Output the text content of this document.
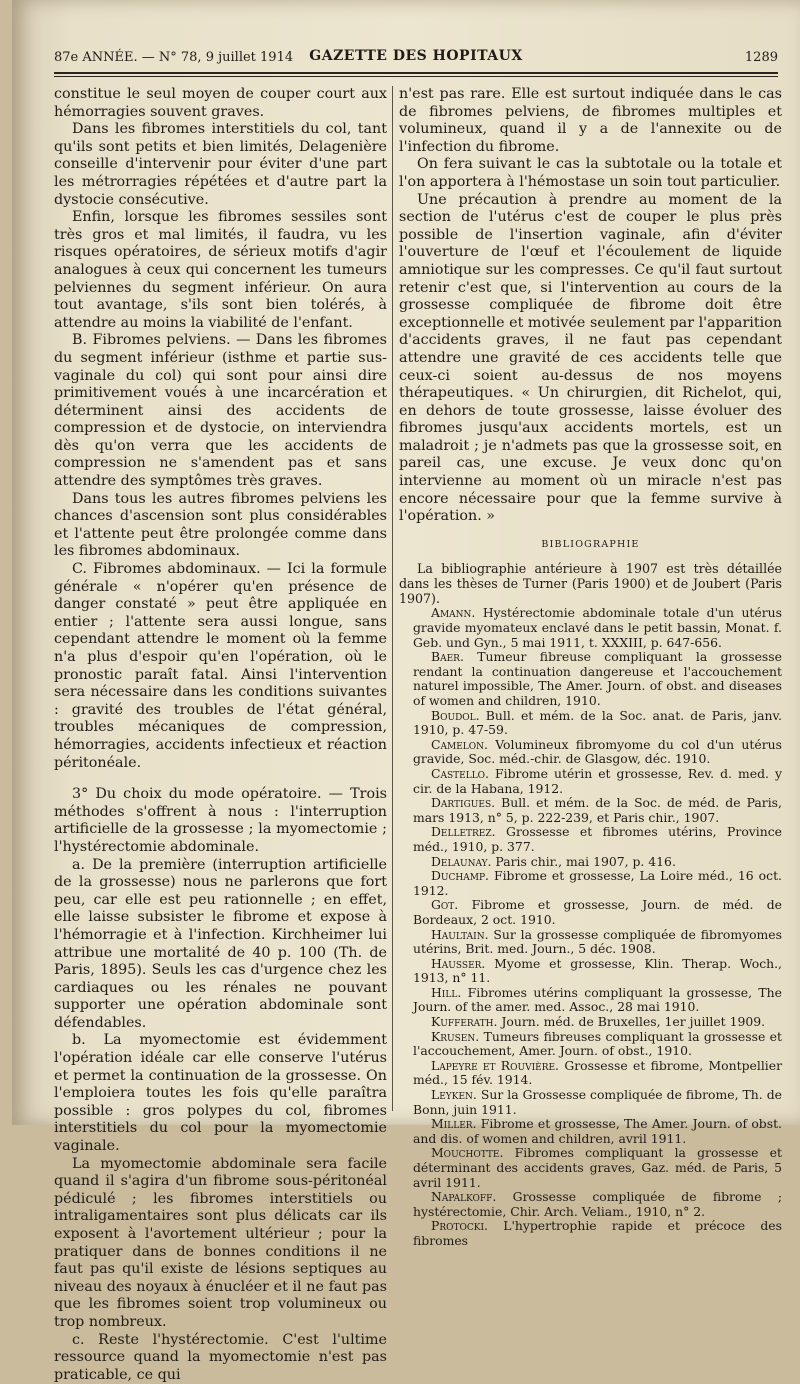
87e ANNÉE. — N° 78, 9 juillet 1914	GAZETTE DES HOPITAUX	1289

constitue le seul moyen de couper court aux hémorragies souvent graves.

Dans les fibromes interstitiels du col, tant qu'ils sont petits et bien limités, Delagenière conseille d'intervenir pour éviter d'une part les métrorragies répétées et d'autre part la dystocie consécutive.

Enfin, lorsque les fibromes sessiles sont très gros et mal limités, il faudra, vu les risques opératoires, de sérieux motifs d'agir analogues à ceux qui concernent les tumeurs pelviennes du segment inférieur. On aura tout avantage, s'ils sont bien tolérés, à attendre au moins la viabilité de l'enfant.

B. Fibromes pelviens. — Dans les fibromes du segment inférieur (isthme et partie sus-vaginale du col) qui sont pour ainsi dire primitivement voués à une incarcération et déterminent ainsi des accidents de compression et de dystocie, on interviendra dès qu'on verra que les accidents de compression ne s'amendent pas et sans attendre des symptômes très graves.

Dans tous les autres fibromes pelviens les chances d'ascension sont plus considérables et l'attente peut être prolongée comme dans les fibromes abdominaux.

C. Fibromes abdominaux. — Ici la formule générale « n'opérer qu'en présence de danger constaté » peut être appliquée en entier ; l'attente sera aussi longue, sans cependant attendre le moment où la femme n'a plus d'espoir qu'en l'opération, où le pronostic paraît fatal. Ainsi l'intervention sera nécessaire dans les conditions suivantes : gravité des troubles de l'état général, troubles mécaniques de compression, hémorragies, accidents infectieux et réaction péritonéale.

3° Du choix du mode opératoire. — Trois méthodes s'offrent à nous : l'interruption artificielle de la grossesse ; la myomectomie ; l'hystérectomie abdominale.

a. De la première (interruption artificielle de la grossesse) nous ne parlerons que fort peu, car elle est peu rationnelle ; en effet, elle laisse subsister le fibrome et expose à l'hémorragie et à l'infection. Kirchheimer lui attribue une mortalité de 40 p. 100 (Th. de Paris, 1895). Seuls les cas d'urgence chez les cardiaques ou les rénales ne pouvant supporter une opération abdominale sont défendables.

b. La myomectomie est évidemment l'opération idéale car elle conserve l'utérus et permet la continuation de la grossesse. On l'emploiera toutes les fois qu'elle paraîtra possible : gros polypes du col, fibromes interstitiels du col pour la myomectomie vaginale.

La myomectomie abdominale sera facile quand il s'agira d'un fibrome sous-péritonéal pédiculé ; les fibromes interstitiels ou intraligamentaires sont plus délicats car ils exposent à l'avortement ultérieur ; pour la pratiquer dans de bonnes conditions il ne faut pas qu'il existe de lésions septiques au niveau des noyaux à énucléer et il ne faut pas que les fibromes soient trop volumineux ou trop nombreux.

c. Reste l'hystérectomie. C'est l'ultime ressource quand la myomectomie n'est pas praticable, ce qui

n'est pas rare. Elle est surtout indiquée dans le cas de fibromes pelviens, de fibromes multiples et volumineux, quand il y a de l'annexite ou de l'infection du fibrome.

On fera suivant le cas la subtotale ou la totale et l'on apportera à l'hémostase un soin tout particulier.

Une précaution à prendre au moment de la section de l'utérus c'est de couper le plus près possible de l'insertion vaginale, afin d'éviter l'ouverture de l'œuf et l'écoulement de liquide amniotique sur les compresses. Ce qu'il faut surtout retenir c'est que, si l'intervention au cours de la grossesse compliquée de fibrome doit être exceptionnelle et motivée seulement par l'apparition d'accidents graves, il ne faut pas cependant attendre une gravité de ces accidents telle que ceux-ci soient au-dessus de nos moyens thérapeutiques. « Un chirurgien, dit Richelot, qui, en dehors de toute grossesse, laisse évoluer des fibromes jusqu'aux accidents mortels, est un maladroit ; je n'admets pas que la grossesse soit, en pareil cas, une excuse. Je veux donc qu'on intervienne au moment où un miracle n'est pas encore nécessaire pour que la femme survive à l'opération. »

BIBLIOGRAPHIE

La bibliographie antérieure à 1907 est très détaillée dans les thèses de Turner (Paris 1900) et de Joubert (Paris 1907).

Amann. Hystérectomie abdominale totale d'un utérus gravide myomateux enclavé dans le petit bassin, Monat. f. Geb. und Gyn., 5 mai 1911, t. XXXIII, p. 647-656.

Baer. Tumeur fibreuse compliquant la grossesse rendant la continuation dangereuse et l'accouchement naturel impossible, The Amer. Journ. of obst. and diseases of women and children, 1910.

Boudol. Bull. et mém. de la Soc. anat. de Paris, janv. 1910, p. 47-59.

Camelon. Volumineux fibromyome du col d'un utérus gravide, Soc. méd.-chir. de Glasgow, déc. 1910.

Castello. Fibrome utérin et grossesse, Rev. d. med. y cir. de la Habana, 1912.

Dartigues. Bull. et mém. de la Soc. de méd. de Paris, mars 1913, n° 5, p. 222-239, et Paris chir., 1907.

Delletrez. Grossesse et fibromes utérins, Province méd., 1910, p. 377.

Delaunay. Paris chir., mai 1907, p. 416.

Duchamp. Fibrome et grossesse, La Loire méd., 16 oct. 1912.

Got. Fibrome et grossesse, Journ. de méd. de Bordeaux, 2 oct. 1910.

Haultain. Sur la grossesse compliquée de fibromyomes utérins, Brit. med. Journ., 5 déc. 1908.

Hausser. Myome et grossesse, Klin. Therap. Woch., 1913, n° 11.

Hill. Fibromes utérins compliquant la grossesse, The Journ. of the amer. med. Assoc., 28 mai 1910.

Kufferath. Journ. méd. de Bruxelles, 1er juillet 1909.

Krusen. Tumeurs fibreuses compliquant la grossesse et l'accouchement, Amer. Journ. of obst., 1910.

Lapeyre et Rouvière. Grossesse et fibrome, Montpellier méd., 15 fév. 1914.

Leyken. Sur la Grossesse compliquée de fibrome, Th. de Bonn, juin 1911.

Miller. Fibrome et grossesse, The Amer. Journ. of obst. and dis. of women and children, avril 1911.

Mouchotte. Fibromes compliquant la grossesse et déterminant des accidents graves, Gaz. méd. de Paris, 5 avril 1911.

Napalkoff. Grossesse compliquée de fibrome ; hystérectomie, Chir. Arch. Veliam., 1910, n° 2.

Protocki. L'hypertrophie rapide et précoce des fibromes
